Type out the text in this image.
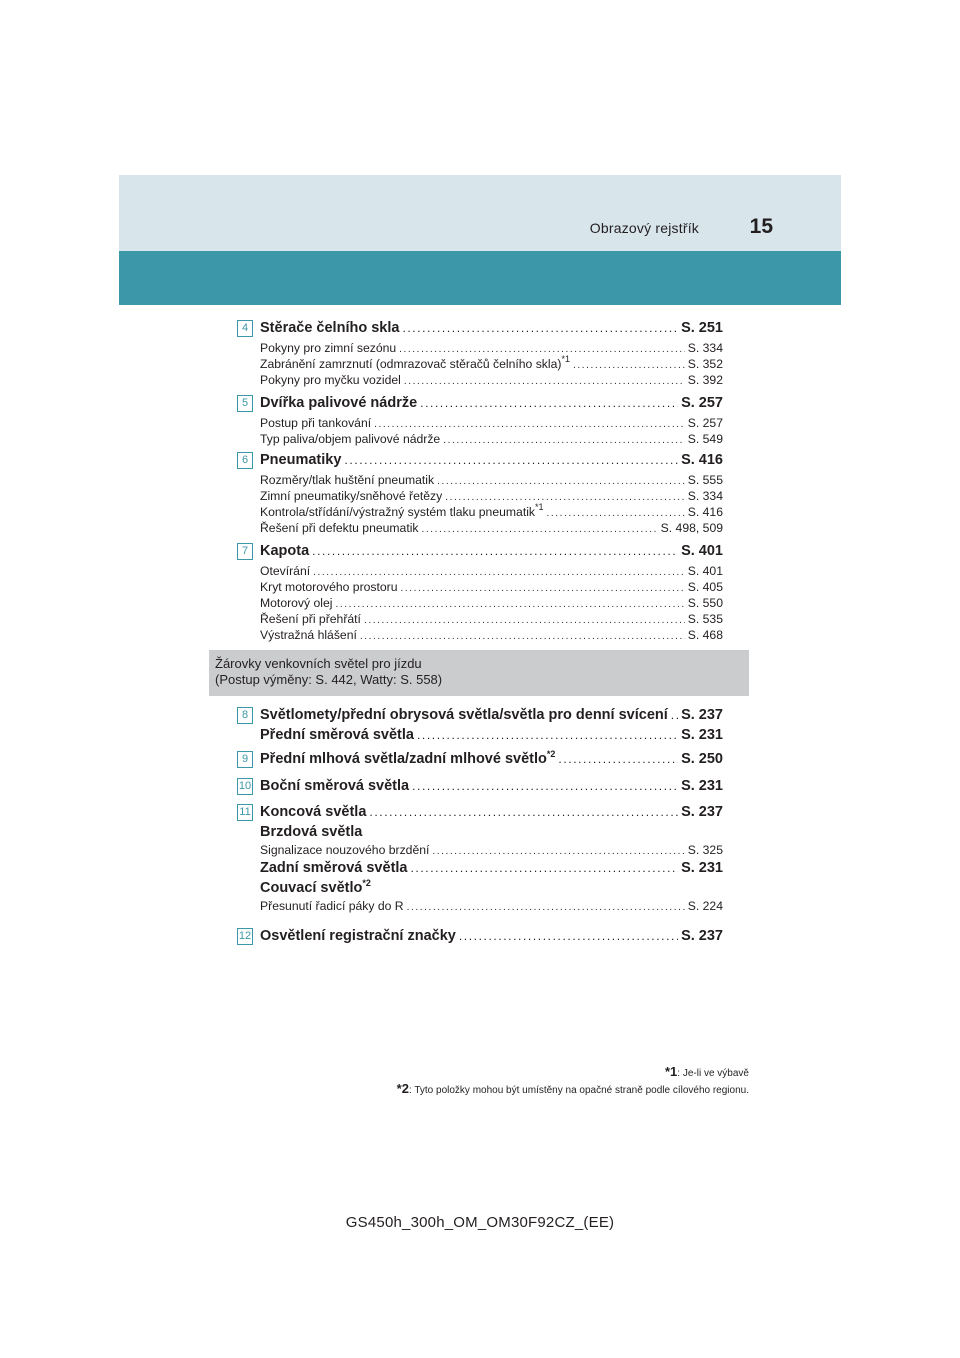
Obrazový rejstřík 15
4 Stěrače čelního skla .....	S. 251
Pokyny pro zimní sezónu .....	S. 334
Zabránění zamrznutí (odmrazovač stěračů čelního skla)$^{*1}$ .....	S. 352
Pokyny pro myčku vozidel .....	S. 392
5 Dvířka palivové nádrže .....	S. 257
Postup při tankování .....	S. 257
Typ paliva/objem palivové nádrže .....	S. 549
6 Pneumatiky .....	S. 416
Rozměry/tlak huštění pneumatik .....	S. 555
Zimní pneumatiky/sněhové řetězy .....	S. 334
Kontrola/střídání/výstražný systém tlaku pneumatik$^{*1}$ .....	S. 416
Řešení při defektu pneumatik .....	S. 498, 509
7 Kapota .....	S. 401
Otevírání .....	S. 401
Kryt motorového prostoru .....	S. 405
Motorový olej .....	S. 550
Řešení při přehřátí .....	S. 535
Výstražná hlášení .....	S. 468
Žárovky venkovních světel pro jízdu
(Postup výměny: S. 442, Watty: S. 558)
8 Světlomety/přední obrysová světla/světla pro denní svícení ..... S. 237
Přední směrová světla .....	S. 231
9 Přední mlhová světla/zadní mlhové světlo$^{*2}$ .....	S. 250
10 Boční směrová světla .....	S. 231
11 Koncová světla .....	S. 237
Brzdová světla
Signalizace nouzového brzdění .....	S. 325
Zadní směrová světla .....	S. 231
Couvací světlo$^{*2}$
Přesunutí řadicí páky do R .....	S. 224
12 Osvětlení registrační značky .....	S. 237
*1: Je-li ve výbavě
*2: Tyto položky mohou být umístěny na opačné straně podle cílového regionu.
GS450h_300h_OM_OM30F92CZ_(EE)
